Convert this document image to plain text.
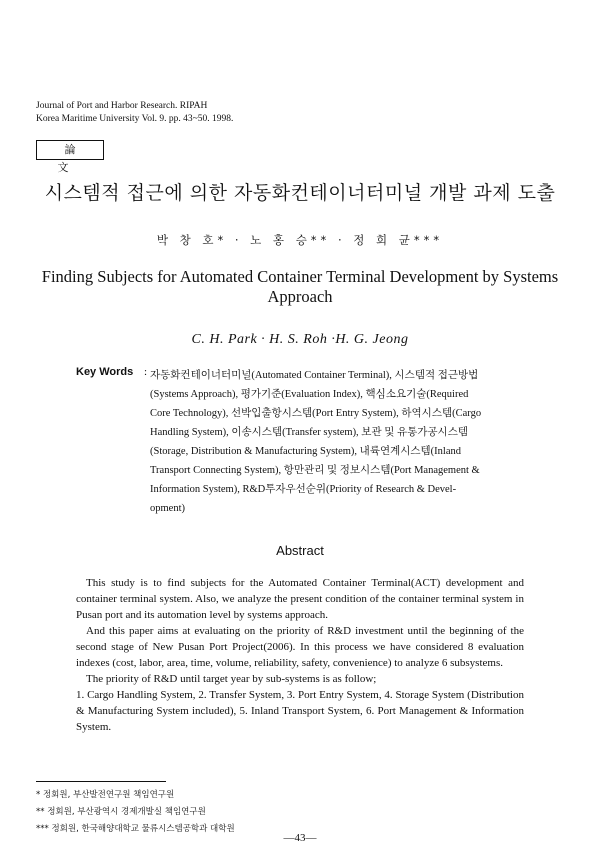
Journal of Port and Harbor Research. RIPAH
Korea Maritime University Vol. 9. pp. 43~50. 1998.
論 文
시스템적 접근에 의한 자동화컨테이너터미널 개발 과제 도출
박 창 호* · 노 홍 승** · 정 희 균***
Finding Subjects for Automated Container Terminal Development by Systems Approach
C. H. Park · H. S. Roh ·H. G. Jeong
Key Words : 자동화컨테이너터미널(Automated Container Terminal), 시스템적 접근방법
(Systems Approach), 평가기준(Evaluation Index), 핵심소요기술(Required
Core Technology), 선박입출항시스템(Port Entry System), 하역시스템(Cargo
Handling System), 이송시스템(Transfer system), 보관 및 유통가공시스템
(Storage, Distribution & Manufacturing System), 내륙연계시스템(Inland
Transport Connecting System), 항만관리 및 정보시스템(Port Management &
Information System), R&D투자우선순위(Priority of Research & Devel-
opment)
Abstract

This study is to find subjects for the Automated Container Terminal(ACT) development and container terminal system. Also, we analyze the present condition of the container terminal system in Pusan port and its automation level by systems approach.

And this paper aims at evaluating on the priority of R&D investment until the beginning of the second stage of New Pusan Port Project(2006). In this process we have considered 8 evaluation indexes (cost, labor, area, time, volume, reliability, safety, convenience) to analyze 6 subsystems.

The priority of R&D until target year by sub-systems is as follow;

1. Cargo Handling System, 2. Transfer System, 3. Port Entry System, 4. Storage System (Distribution & Manufacturing System included), 5. Inland Transport System, 6. Port Management & Information System.

* 정회원, 부산발전연구원 책임연구원
** 정회원, 부산광역시 경제개발실 책임연구원
*** 정회원, 한국해양대학교 물류시스템공학과 대학원
—43—
